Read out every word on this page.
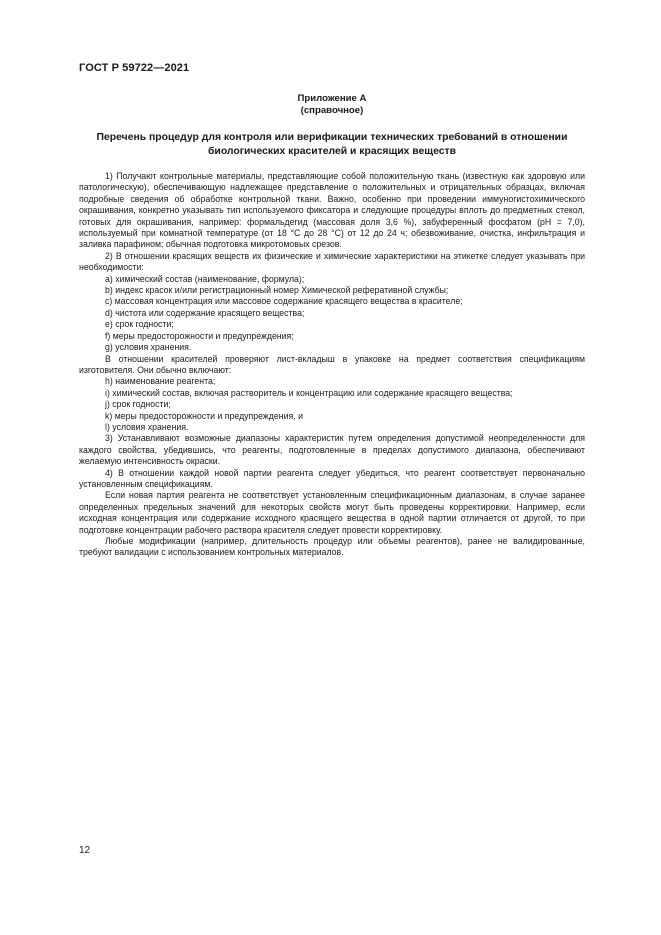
ГОСТ Р 59722—2021
Приложение А
(справочное)
Перечень процедур для контроля или верификации технических требований в отношении биологических красителей и красящих веществ

1) Получают контрольные материалы, представляющие собой положительную ткань (известную как здоровую или патологическую), обеспечивающую надлежащее представление о положительных и отрицательных образцах, включая подробные сведения об обработке контрольной ткани. Важно, особенно при проведении иммуногистохимического окрашивания, конкретно указывать тип используемого фиксатора и следующие процедуры вплоть до предметных стекол, готовых для окрашивания, например: формальдегид (массовая доля 3,6 %), забуференный фосфатом (pH = 7,0), используемый при комнатной температуре (от 18 °C до 28 °C) от 12 до 24 ч; обезвоживание, очистка, инфильтрация и заливка парафином; обычная подготовка микротомовых срезов.

2) В отношении красящих веществ их физические и химические характеристики на этикетке следует указывать при необходимости:

a) химический состав (наименование, формула);

b) индекс красок и/или регистрационный номер Химической реферативной службы;

c) массовая концентрация или массовое содержание красящего вещества в красителе;

d) чистота или содержание красящего вещества;

e) срок годности;

f) меры предосторожности и предупреждения;

g) условия хранения.

В отношении красителей проверяют лист-вкладыш в упаковке на предмет соответствия спецификациям изготовителя. Они обычно включают:

h) наименование реагента;

i) химический состав, включая растворитель и концентрацию или содержание красящего вещества;

j) срок годности;

k) меры предосторожности и предупреждения, и

l) условия хранения.

3) Устанавливают возможные диапазоны характеристик путем определения допустимой неопределенности для каждого свойства, убедившись, что реагенты, подготовленные в пределах допустимого диапазона, обеспечивают желаемую интенсивность окраски.

4) В отношении каждой новой партии реагента следует убедиться, что реагент соответствует первоначально установленным спецификациям.

Если новая партия реагента не соответствует установленным спецификационным диапазонам, в случае заранее определенных предельных значений для некоторых свойств могут быть проведены корректировки. Например, если исходная концентрация или содержание исходного красящего вещества в одной партии отличается от другой, то при подготовке концентрации рабочего раствора красителя следует провести корректировку.

Любые модификации (например, длительность процедур или объемы реагентов), ранее не валидированные, требуют валидации с использованием контрольных материалов.

12
